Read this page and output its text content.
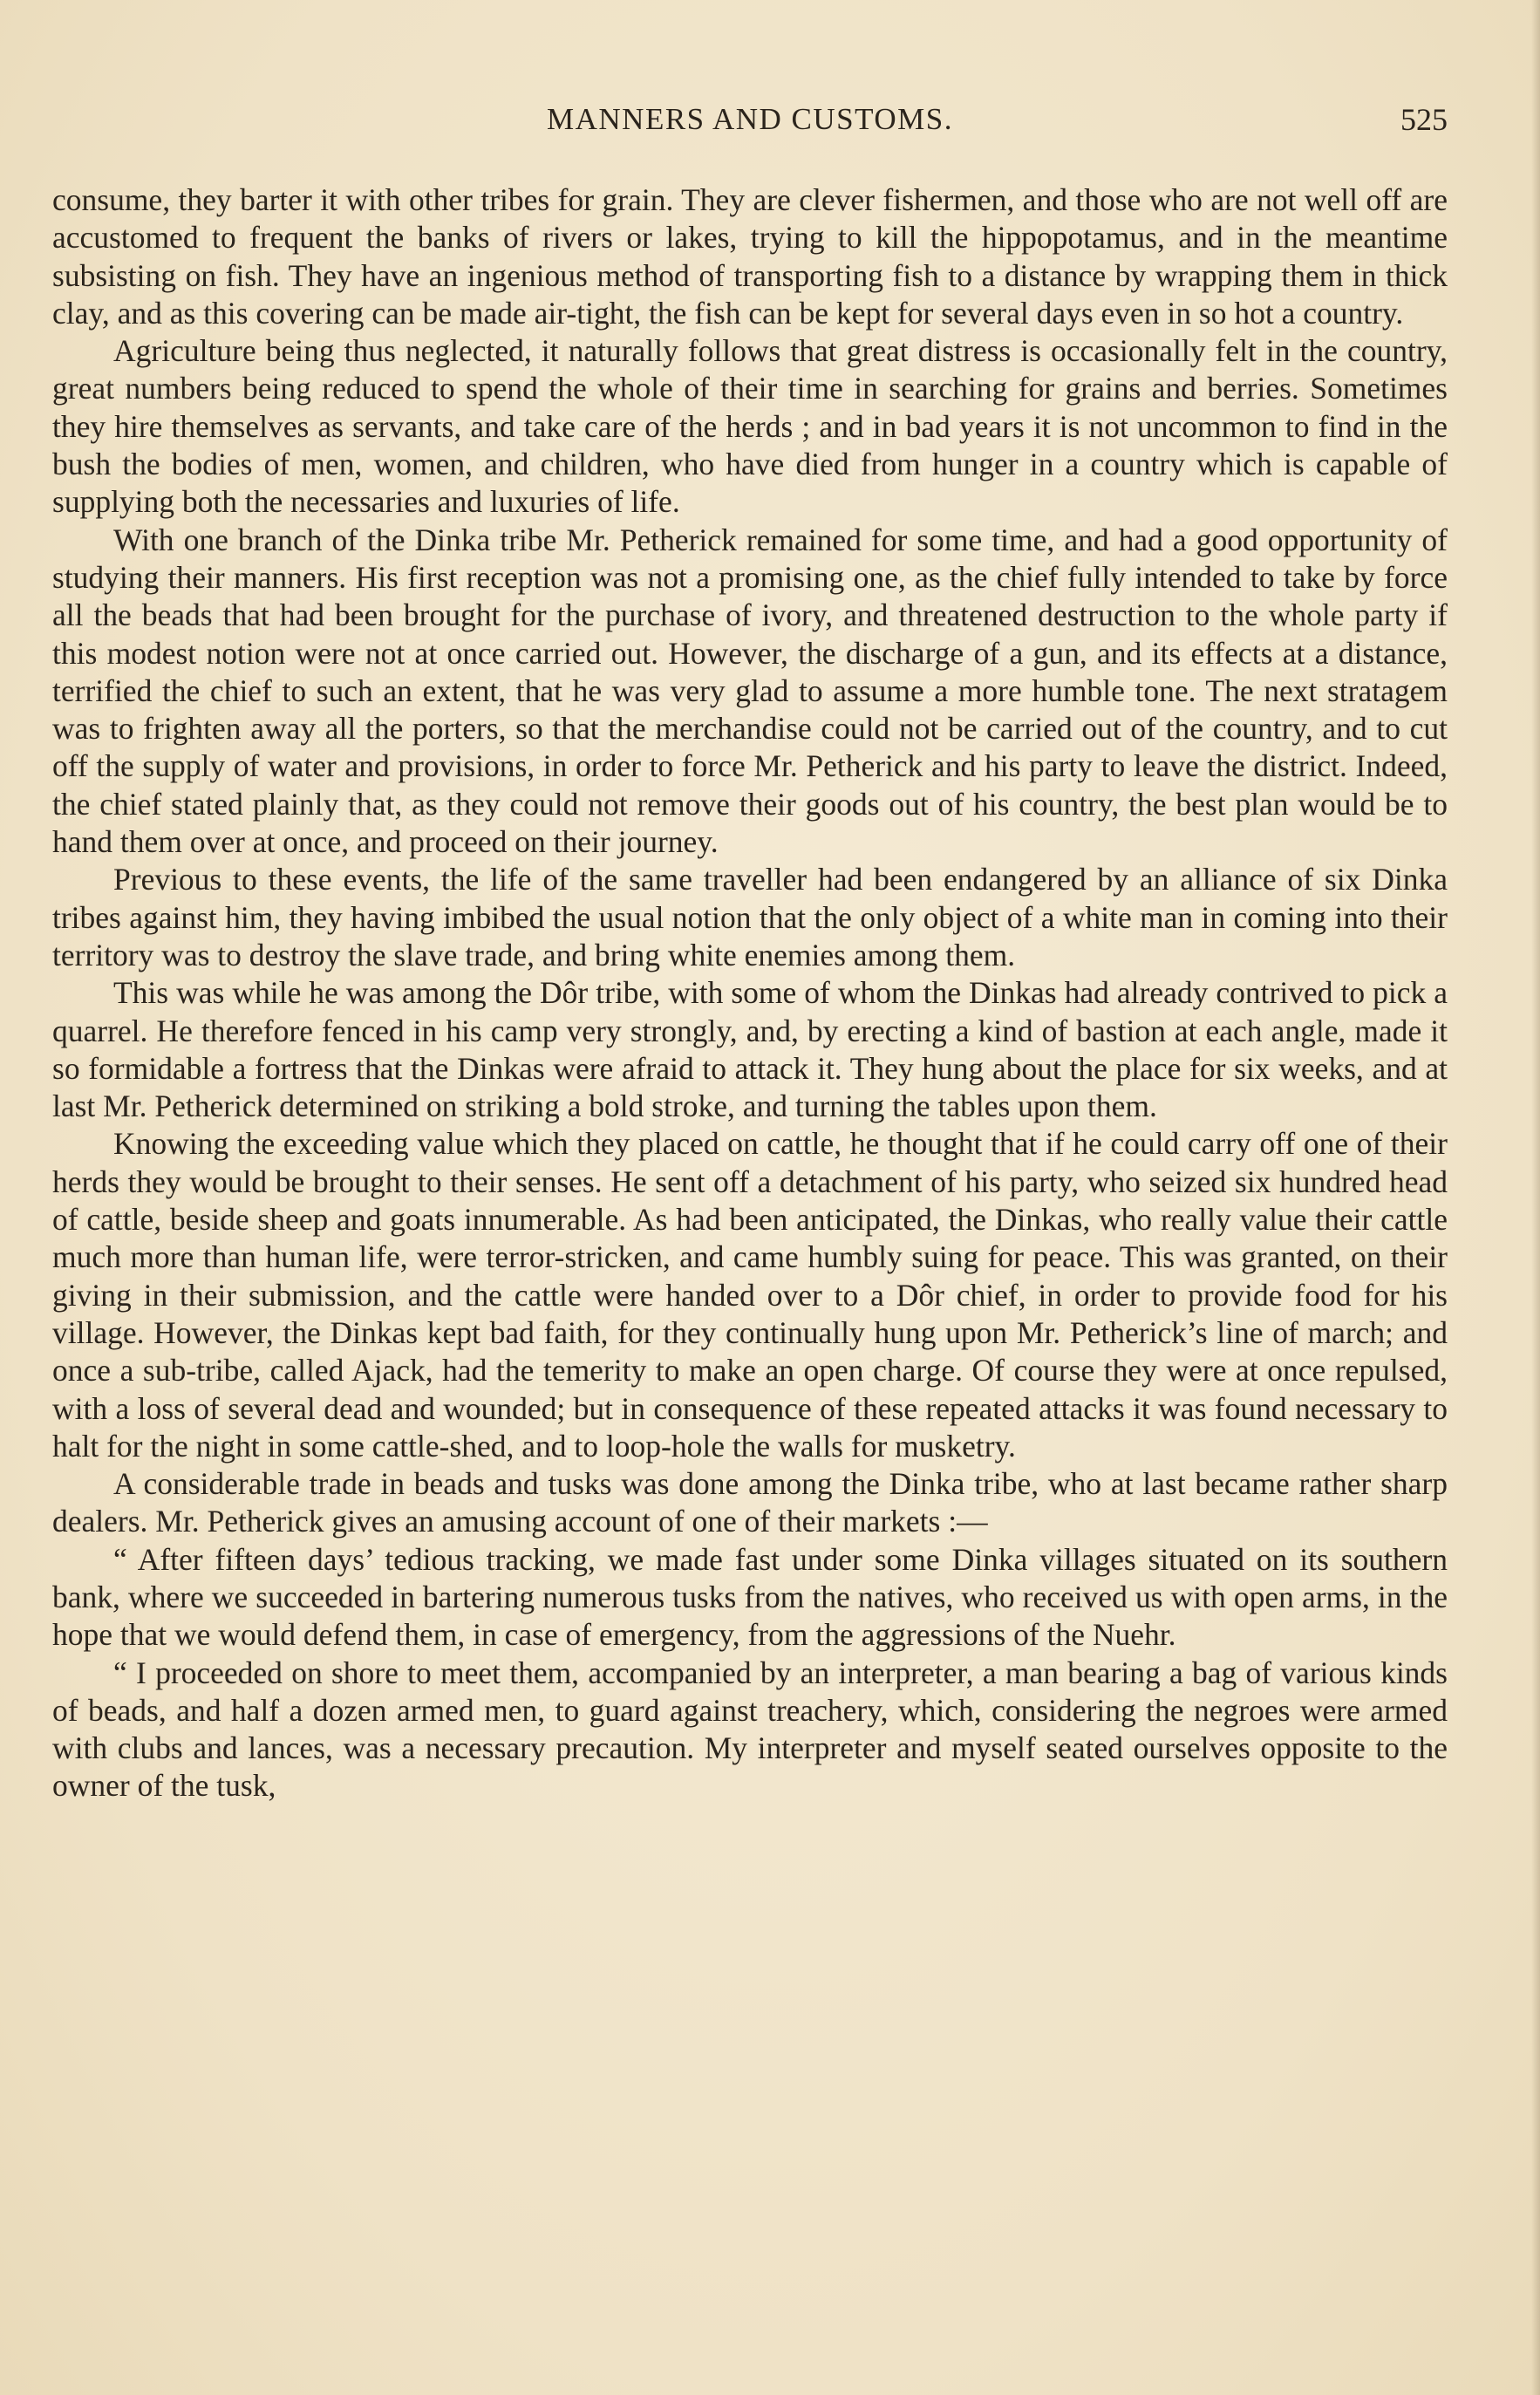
MANNERS AND CUSTOMS.	525

consume, they barter it with other tribes for grain. They are clever fishermen, and those who are not well off are accustomed to frequent the banks of rivers or lakes, trying to kill the hippopotamus, and in the meantime subsisting on fish. They have an ingenious method of transporting fish to a distance by wrapping them in thick clay, and as this covering can be made air-tight, the fish can be kept for several days even in so hot a country.

Agriculture being thus neglected, it naturally follows that great distress is occasionally felt in the country, great numbers being reduced to spend the whole of their time in searching for grains and berries. Sometimes they hire themselves as servants, and take care of the herds ; and in bad years it is not uncommon to find in the bush the bodies of men, women, and children, who have died from hunger in a country which is capable of supplying both the necessaries and luxuries of life.

With one branch of the Dinka tribe Mr. Petherick remained for some time, and had a good opportunity of studying their manners. His first reception was not a promising one, as the chief fully intended to take by force all the beads that had been brought for the purchase of ivory, and threatened destruction to the whole party if this modest notion were not at once carried out. However, the discharge of a gun, and its effects at a distance, terrified the chief to such an extent, that he was very glad to assume a more humble tone. The next stratagem was to frighten away all the porters, so that the merchandise could not be carried out of the country, and to cut off the supply of water and provisions, in order to force Mr. Petherick and his party to leave the district. Indeed, the chief stated plainly that, as they could not remove their goods out of his country, the best plan would be to hand them over at once, and proceed on their journey.

Previous to these events, the life of the same traveller had been endangered by an alliance of six Dinka tribes against him, they having imbibed the usual notion that the only object of a white man in coming into their territory was to destroy the slave trade, and bring white enemies among them.

This was while he was among the Dôr tribe, with some of whom the Dinkas had already contrived to pick a quarrel. He therefore fenced in his camp very strongly, and, by erecting a kind of bastion at each angle, made it so formidable a fortress that the Dinkas were afraid to attack it. They hung about the place for six weeks, and at last Mr. Petherick determined on striking a bold stroke, and turning the tables upon them.

Knowing the exceeding value which they placed on cattle, he thought that if he could carry off one of their herds they would be brought to their senses. He sent off a detachment of his party, who seized six hundred head of cattle, beside sheep and goats innumerable. As had been anticipated, the Dinkas, who really value their cattle much more than human life, were terror-stricken, and came humbly suing for peace. This was granted, on their giving in their submission, and the cattle were handed over to a Dôr chief, in order to provide food for his village. However, the Dinkas kept bad faith, for they continually hung upon Mr. Petherick’s line of march; and once a sub-tribe, called Ajack, had the temerity to make an open charge. Of course they were at once repulsed, with a loss of several dead and wounded; but in consequence of these repeated attacks it was found necessary to halt for the night in some cattle-shed, and to loop-hole the walls for musketry.

A considerable trade in beads and tusks was done among the Dinka tribe, who at last became rather sharp dealers. Mr. Petherick gives an amusing account of one of their markets :—

“ After fifteen days’ tedious tracking, we made fast under some Dinka villages situated on its southern bank, where we succeeded in bartering numerous tusks from the natives, who received us with open arms, in the hope that we would defend them, in case of emergency, from the aggressions of the Nuehr.

“ I proceeded on shore to meet them, accompanied by an interpreter, a man bearing a bag of various kinds of beads, and half a dozen armed men, to guard against treachery, which, considering the negroes were armed with clubs and lances, was a necessary precaution. My interpreter and myself seated ourselves opposite to the owner of the tusk,
